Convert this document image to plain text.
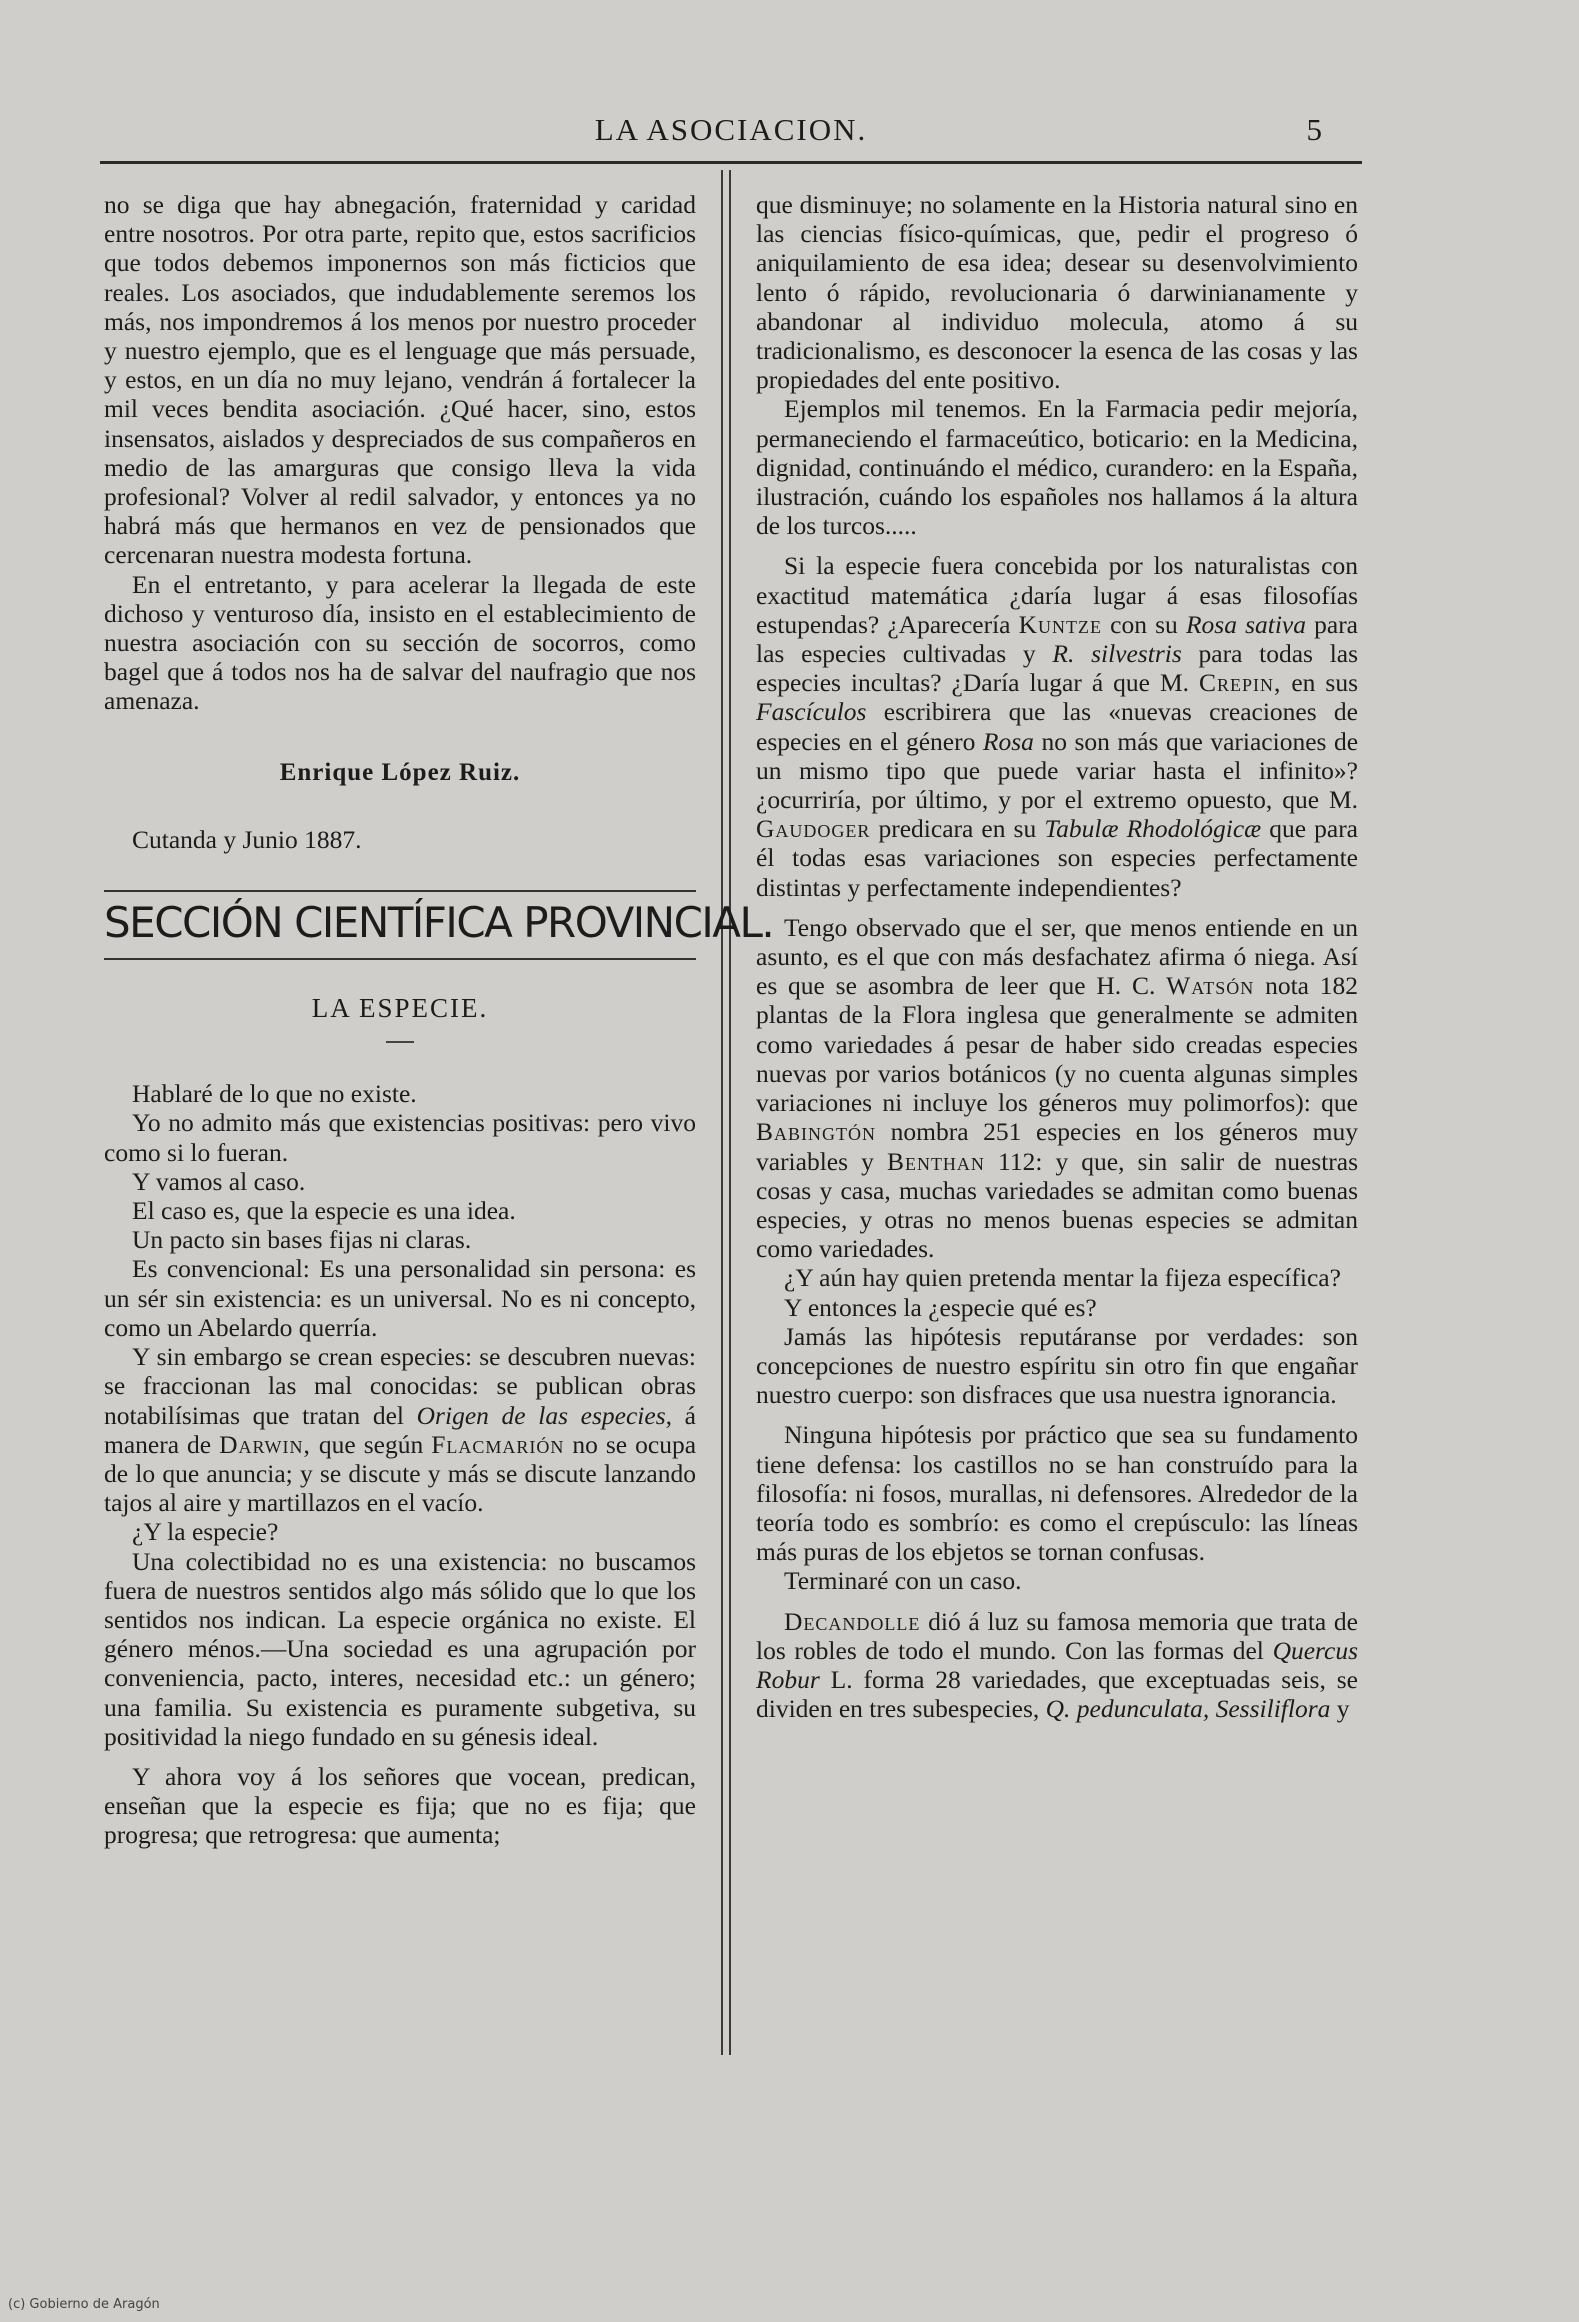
LA ASOCIACION.	5

no se diga que hay abnegación, fraternidad y caridad entre nosotros. Por otra parte, repito que, estos sacrificios que todos debemos imponernos son más ficticios que reales. Los asociados, que indudablemente seremos los más, nos impondremos á los menos por nuestro proceder y nuestro ejemplo, que es el lenguage que más persuade, y estos, en un día no muy lejano, vendrán á fortalecer la mil veces bendita asociación. ¿Qué hacer, sino, estos insensatos, aislados y despreciados de sus compañeros en medio de las amarguras que consigo lleva la vida profesional? Volver al redil salvador, y entonces ya no habrá más que hermanos en vez de pensionados que cercenaran nuestra modesta fortuna.

En el entretanto, y para acelerar la llegada de este dichoso y venturoso día, insisto en el establecimiento de nuestra asociación con su sección de socorros, como bagel que á todos nos ha de salvar del naufragio que nos amenaza.

Enrique López Ruiz.

Cutanda y Junio 1887.

SECCIÓN CIENTÍFICA PROVINCIAL.

LA ESPECIE.

Hablaré de lo que no existe.

Yo no admito más que existencias positivas: pero vivo como si lo fueran.

Y vamos al caso.

El caso es, que la especie es una idea.

Un pacto sin bases fijas ni claras.

Es convencional: Es una personalidad sin persona: es un sér sin existencia: es un universal. No es ni concepto, como un Abelardo querría.

Y sin embargo se crean especies: se descubren nuevas: se fraccionan las mal conocidas: se publican obras notabilísimas que tratan del Origen de las especies, á manera de Darwin, que según Flacmarión no se ocupa de lo que anuncia; y se discute y más se discute lanzando tajos al aire y martillazos en el vacío.

¿Y la especie?

Una colectibidad no es una existencia: no buscamos fuera de nuestros sentidos algo más sólido que lo que los sentidos nos indican. La especie orgánica no existe. El género ménos.—Una sociedad es una agrupación por conveniencia, pacto, interes, necesidad etc.: un género; una familia. Su existencia es puramente subgetiva, su positividad la niego fundado en su génesis ideal.

Y ahora voy á los señores que vocean, predican, enseñan que la especie es fija; que no es fija; que progresa; que retrogresa: que aumenta;

que disminuye; no solamente en la Historia natural sino en las ciencias físico-químicas, que, pedir el progreso ó aniquilamiento de esa idea; desear su desenvolvimiento lento ó rápido, revolucionaria ó darwinianamente y abandonar al individuo molecula, atomo á su tradicionalismo, es desconocer la esenca de las cosas y las propiedades del ente positivo.

Ejemplos mil tenemos. En la Farmacia pedir mejoría, permaneciendo el farmaceútico, boticario: en la Medicina, dignidad, continuándo el médico, curandero: en la España, ilustración, cuándo los españoles nos hallamos á la altura de los turcos.....

Si la especie fuera concebida por los naturalistas con exactitud matemática ¿daría lugar á esas filosofías estupendas? ¿Aparecería Kuntze con su Rosa sativa para las especies cultivadas y R. silvestris para todas las especies incultas? ¿Daría lugar á que M. Crepin, en sus Fascículos escribirera que las «nuevas creaciones de especies en el género Rosa no son más que variaciones de un mismo tipo que puede variar hasta el infinito»? ¿ocurriría, por último, y por el extremo opuesto, que M. Gaudoger predicara en su Tabulæ Rhodológicæ que para él todas esas variaciones son especies perfectamente distintas y perfectamente independientes?

Tengo observado que el ser, que menos entiende en un asunto, es el que con más desfachatez afirma ó niega. Así es que se asombra de leer que H. C. Watsón nota 182 plantas de la Flora inglesa que generalmente se admiten como variedades á pesar de haber sido creadas especies nuevas por varios botánicos (y no cuenta algunas simples variaciones ni incluye los géneros muy polimorfos): que Babingtón nombra 251 especies en los géneros muy variables y Benthan 112: y que, sin salir de nuestras cosas y casa, muchas variedades se admitan como buenas especies, y otras no menos buenas especies se admitan como variedades.

¿Y aún hay quien pretenda mentar la fijeza específica?

Y entonces la ¿especie qué es?

Jamás las hipótesis reputáranse por verdades: son concepciones de nuestro espíritu sin otro fin que engañar nuestro cuerpo: son disfraces que usa nuestra ignorancia.

Ninguna hipótesis por práctico que sea su fundamento tiene defensa: los castillos no se han construído para la filosofía: ni fosos, murallas, ni defensores. Alrededor de la teoría todo es sombrío: es como el crepúsculo: las líneas más puras de los ebjetos se tornan confusas.

Terminaré con un caso.

Decandolle dió á luz su famosa memoria que trata de los robles de todo el mundo. Con las formas del Quercus Robur L. forma 28 variedades, que exceptuadas seis, se dividen en tres subespecies, Q. pedunculata, Sessiliflora y

(c) Gobierno de Aragón
